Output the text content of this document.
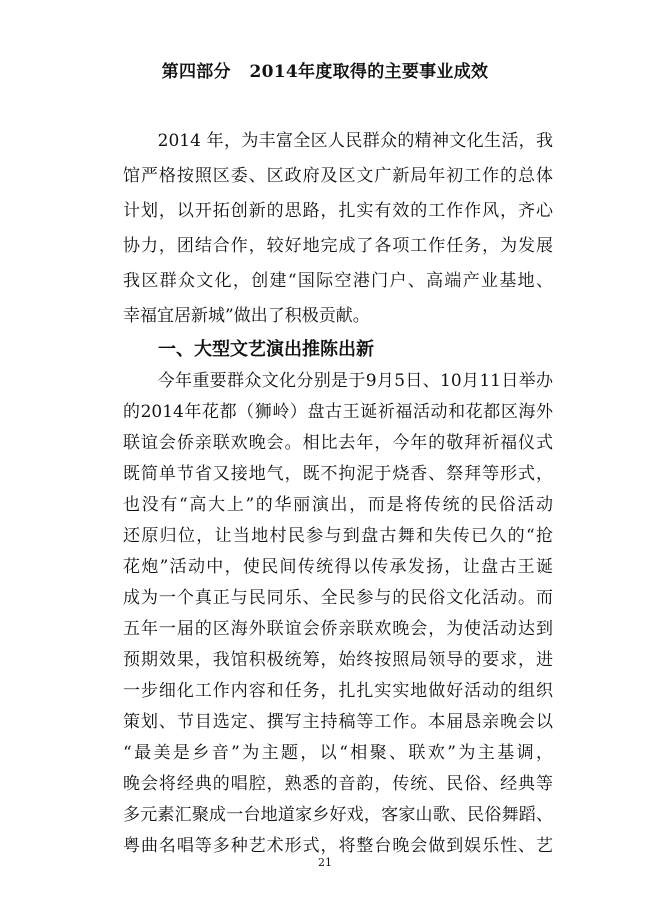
第四部分   2014年度取得的主要事业成效
　　2014 年，为丰富全区人民群众的精神文化生活，我
馆严格按照区委、区政府及区文广新局年初工作的总体
计划，以开拓创新的思路，扎实有效的工作作风，齐心
协力，团结合作，较好地完成了各项工作任务，为发展
我区群众文化，创建“国际空港门户、高端产业基地、
幸福宜居新城”做出了积极贡献。
一、大型文艺演出推陈出新
　　今年重要群众文化分别是于9月5日、10月11日举办
的2014年花都（狮岭）盘古王诞祈福活动和花都区海外
联谊会侨亲联欢晚会。相比去年，今年的敬拜祈福仪式
既简单节省又接地气，既不拘泥于烧香、祭拜等形式，
也没有“高大上”的华丽演出，而是将传统的民俗活动
还原归位，让当地村民参与到盘古舞和失传已久的“抢
花炮”活动中，使民间传统得以传承发扬，让盘古王诞
成为一个真正与民同乐、全民参与的民俗文化活动。而
五年一届的区海外联谊会侨亲联欢晚会，为使活动达到
预期效果，我馆积极统筹，始终按照局领导的要求，进
一步细化工作内容和任务，扎扎实实地做好活动的组织
策划、节目选定、撰写主持稿等工作。本届恳亲晚会以
“最美是乡音”为主题，以“相聚、联欢”为主基调，
晚会将经典的唱腔，熟悉的音韵，传统、民俗、经典等
多元素汇聚成一台地道家乡好戏，客家山歌、民俗舞蹈、
粤曲名唱等多种艺术形式，将整台晚会做到娱乐性、艺
21
